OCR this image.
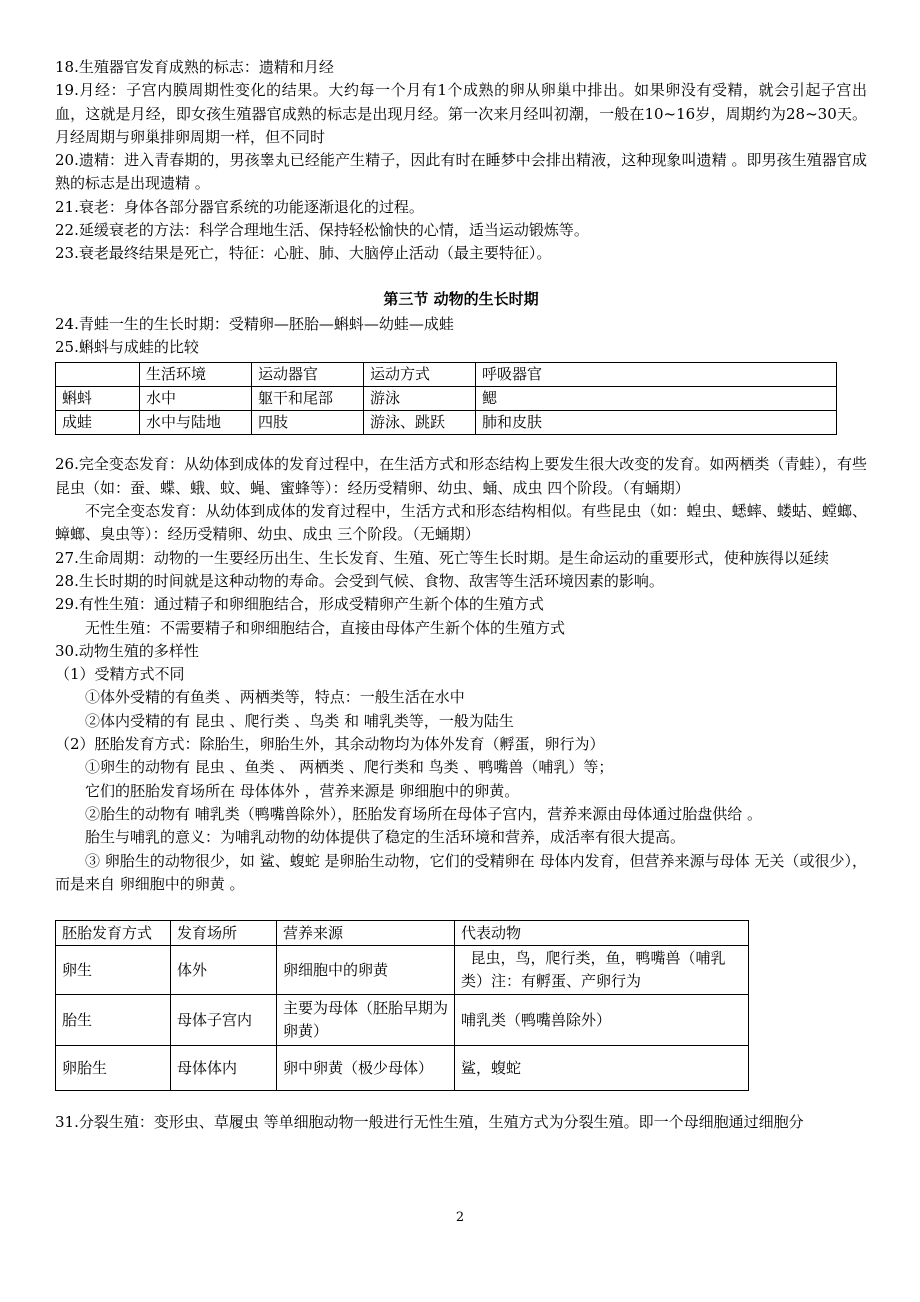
18.生殖器官发育成熟的标志：遗精和月经

19.月经：子宫内膜周期性变化的结果。大约每一个月有1个成熟的卵从卵巢中排出。如果卵没有受精，就会引起子宫出血，这就是月经，即女孩生殖器官成熟的标志是出现月经。第一次来月经叫初潮，一般在10~16岁，周期约为28~30天。月经周期与卵巢排卵周期一样，但不同时

20.遗精：进入青春期的，男孩睾丸已经能产生精子，因此有时在睡梦中会排出精液，这种现象叫遗精 。即男孩生殖器官成熟的标志是出现遗精 。

21.衰老：身体各部分器官系统的功能逐渐退化的过程。

22.延缓衰老的方法：科学合理地生活、保持轻松愉快的心情，适当运动锻炼等。

23.衰老最终结果是死亡，特征：心脏、肺、大脑停止活动（最主要特征）。

第三节 动物的生长时期

24.青蛙一生的生长时期：受精卵—胚胎—蝌蚪—幼蛙—成蛙

25.蝌蚪与成蛙的比较

	生活环境	运动器官	运动方式	呼吸器官
蝌蚪	水中	躯干和尾部	游泳	鳃
成蛙	水中与陆地	四肢	游泳、跳跃	肺和皮肤

26.完全变态发育：从幼体到成体的发育过程中，在生活方式和形态结构上要发生很大改变的发育。如两栖类（青蛙），有些昆虫（如：蚕、蝶、蛾、蚊、蝇、蜜蜂等）：经历受精卵、幼虫、蛹、成虫 四个阶段。（有蛹期）

不完全变态发育：从幼体到成体的发育过程中，生活方式和形态结构相似。有些昆虫（如：蝗虫、蟋蟀、蝼蛄、螳螂、蟑螂、臭虫等）：经历受精卵、幼虫、成虫 三个阶段。（无蛹期）

27.生命周期：动物的一生要经历出生、生长发育、生殖、死亡等生长时期。是生命运动的重要形式，使种族得以延续

28.生长时期的时间就是这种动物的寿命。会受到气候、食物、敌害等生活环境因素的影响。

29.有性生殖：通过精子和卵细胞结合，形成受精卵产生新个体的生殖方式

无性生殖：不需要精子和卵细胞结合，直接由母体产生新个体的生殖方式

30.动物生殖的多样性

（1）受精方式不同

①体外受精的有鱼类 、两栖类等，特点：一般生活在水中

②体内受精的有 昆虫 、爬行类 、鸟类 和 哺乳类等，一般为陆生

（2）胚胎发育方式：除胎生，卵胎生外，其余动物均为体外发育（孵蛋，卵行为）

①卵生的动物有 昆虫 、鱼类 、 两栖类 、爬行类和 鸟类 、鸭嘴兽（哺乳）等；

它们的胚胎发育场所在 母体体外 ，营养来源是 卵细胞中的卵黄。

②胎生的动物有 哺乳类（鸭嘴兽除外），胚胎发育场所在母体子宫内，营养来源由母体通过胎盘供给 。

胎生与哺乳的意义：为哺乳动物的幼体提供了稳定的生活环境和营养，成活率有很大提高。

③ 卵胎生的动物很少，如 鲨、蝮蛇 是卵胎生动物，它们的受精卵在 母体内发育，但营养来源与母体 无关（或很少），而是来自 卵细胞中的卵黄 。

胚胎发育方式	发育场所	营养来源	代表动物
卵生	体外	卵细胞中的卵黄	昆虫，鸟，爬行类，鱼，鸭嘴兽（哺乳类）注：有孵蛋、产卵行为
胎生	母体子宫内	主要为母体（胚胎早期为卵黄）	哺乳类（鸭嘴兽除外）
卵胎生	母体体内	卵中卵黄（极少母体）	鲨，蝮蛇

31.分裂生殖：变形虫、草履虫 等单细胞动物一般进行无性生殖，生殖方式为分裂生殖。即一个母细胞通过细胞分

2
